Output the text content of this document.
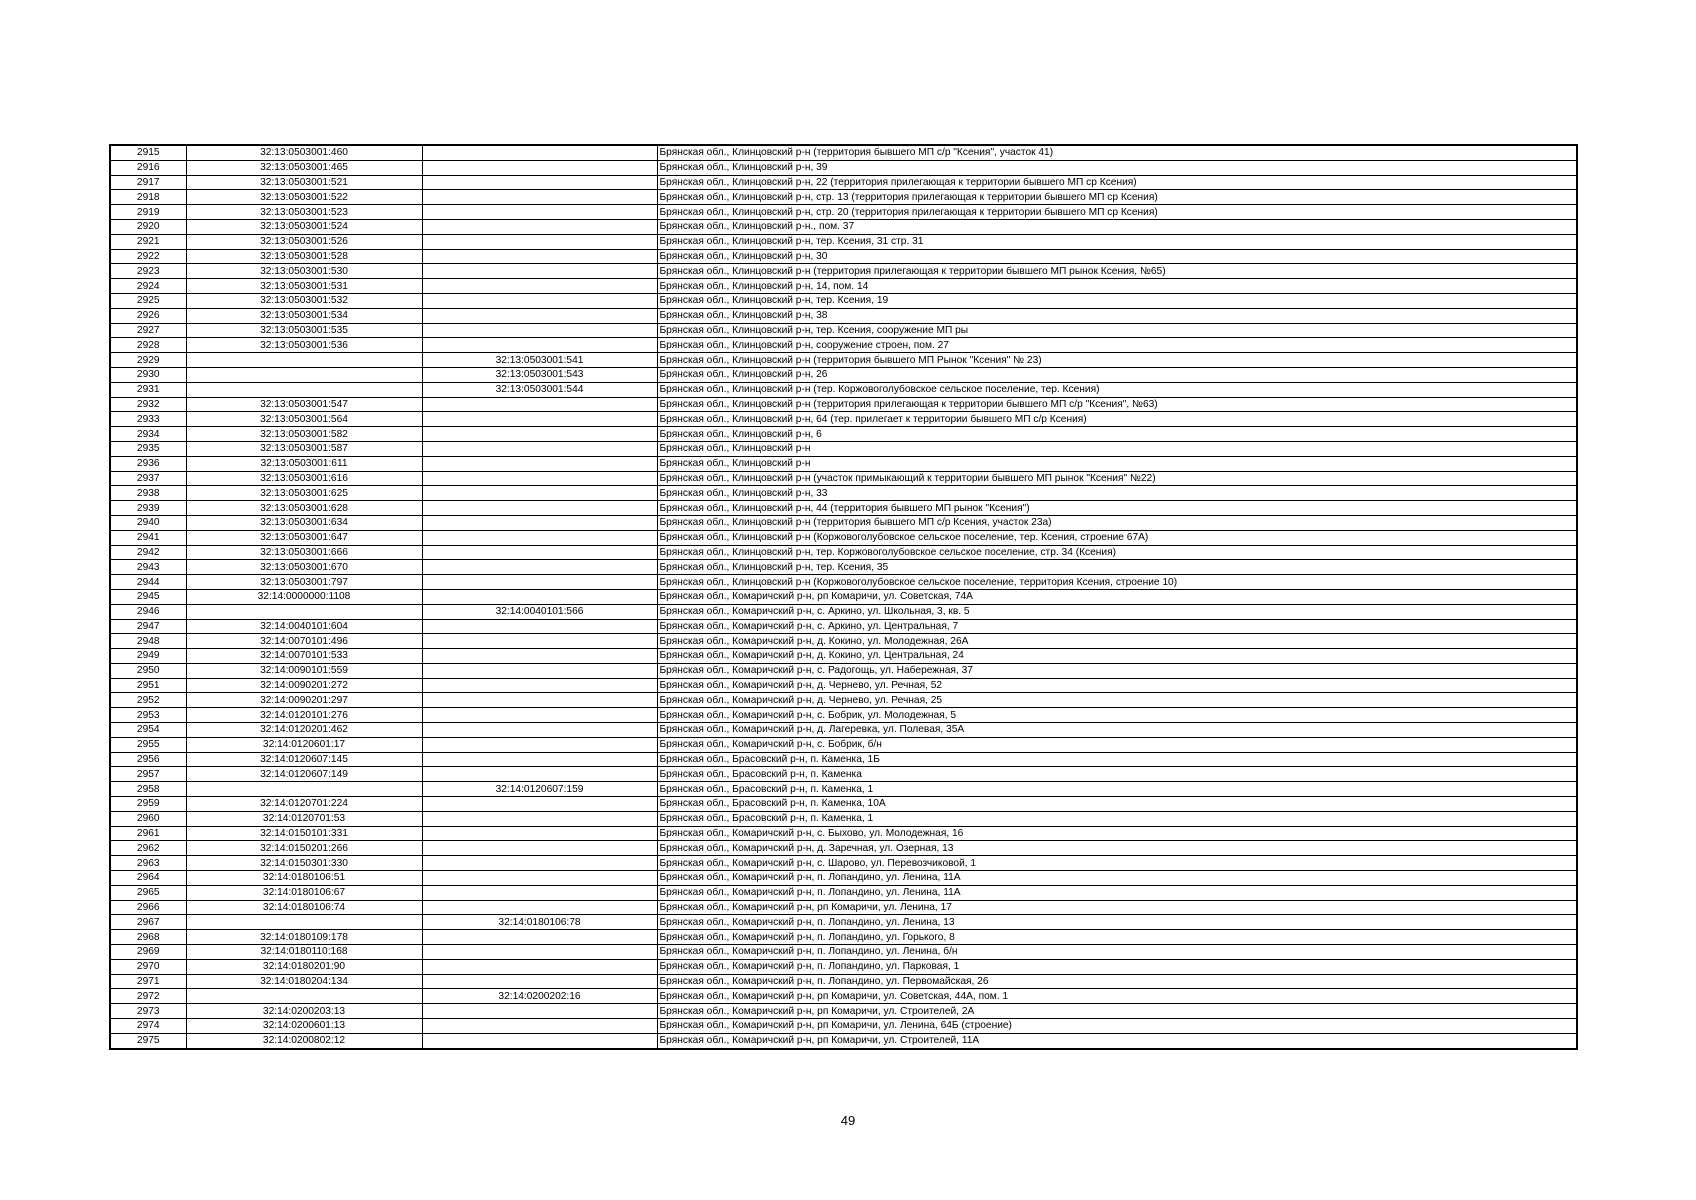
2915	32:13:0503001:460		Брянская обл., Клинцовский р-н (территория бывшего МП с/р "Ксения", участок 41)
2916	32:13:0503001:465		Брянская обл., Клинцовский р-н, 39
2917	32:13:0503001:521		Брянская обл., Клинцовский р-н, 22 (территория прилегающая к территории бывшего МП ср Ксения)
2918	32:13:0503001:522		Брянская обл., Клинцовский р-н, стр. 13 (территория прилегающая к территории бывшего МП ср Ксения)
2919	32:13:0503001:523		Брянская обл., Клинцовский р-н, стр. 20 (территория прилегающая к территории бывшего МП ср Ксения)
2920	32:13:0503001:524		Брянская обл., Клинцовский р-н., пом. 37
2921	32:13:0503001:526		Брянская обл., Клинцовский р-н, тер. Ксения, 31 стр. 31
2922	32:13:0503001:528		Брянская обл., Клинцовский р-н, 30
2923	32:13:0503001:530		Брянская обл., Клинцовский р-н (территория прилегающая к территории бывшего МП рынок Ксения, №65)
2924	32:13:0503001:531		Брянская обл., Клинцовский р-н, 14, пом. 14
2925	32:13:0503001:532		Брянская обл., Клинцовский р-н, тер. Ксения, 19
2926	32:13:0503001:534		Брянская обл., Клинцовский р-н, 38
2927	32:13:0503001:535		Брянская обл., Клинцовский р-н, тер. Ксения, сооружение МП ры
2928	32:13:0503001:536		Брянская обл., Клинцовский р-н, сооружение строен, пом. 27
2929		32:13:0503001:541	Брянская обл., Клинцовский р-н (территория бывшего МП Рынок "Ксения" № 23)
2930		32:13:0503001:543	Брянская обл., Клинцовский р-н, 26
2931		32:13:0503001:544	Брянская обл., Клинцовский р-н (тер. Коржовоголубовское сельское поселение, тер. Ксения)
2932	32:13:0503001:547		Брянская обл., Клинцовский р-н (территория прилегающая к территории бывшего МП с/р "Ксения", №63)
2933	32:13:0503001:564		Брянская обл., Клинцовский р-н, 64 (тер. прилегает к территории бывшего МП с/р Ксения)
2934	32:13:0503001:582		Брянская обл., Клинцовский р-н, 6
2935	32:13:0503001:587		Брянская обл., Клинцовский р-н
2936	32:13:0503001:611		Брянская обл., Клинцовский р-н
2937	32:13:0503001:616		Брянская обл., Клинцовский р-н (участок примыкающий к территории бывшего МП рынок "Ксения" №22)
2938	32:13:0503001:625		Брянская обл., Клинцовский р-н, 33
2939	32:13:0503001:628		Брянская обл., Клинцовский р-н, 44 (территория бывшего МП рынок "Ксения")
2940	32:13:0503001:634		Брянская обл., Клинцовский р-н (территория бывшего МП с/р Ксения, участок 23а)
2941	32:13:0503001:647		Брянская обл., Клинцовский р-н (Коржовоголубовское сельское поселение, тер. Ксения, строение 67А)
2942	32:13:0503001:666		Брянская обл., Клинцовский р-н, тер. Коржовоголубовское сельское поселение, стр. 34 (Ксения)
2943	32:13:0503001:670		Брянская обл., Клинцовский р-н, тер. Ксения, 35
2944	32:13:0503001:797		Брянская обл., Клинцовский р-н (Коржовоголубовское сельское поселение, территория Ксения, строение 10)
2945	32:14:0000000:1108		Брянская обл., Комаричский р-н, рп Комаричи, ул. Советская, 74А
2946		32:14:0040101:566	Брянская обл., Комаричский р-н, с. Аркино, ул. Школьная, 3, кв. 5
2947	32:14:0040101:604		Брянская обл., Комаричский р-н, с. Аркино, ул. Центральная, 7
2948	32:14:0070101:496		Брянская обл., Комаричский р-н, д. Кокино, ул. Молодежная, 26А
2949	32:14:0070101:533		Брянская обл., Комаричский р-н, д. Кокино, ул. Центральная, 24
2950	32:14:0090101:559		Брянская обл., Комаричский р-н, с. Радогощь, ул. Набережная, 37
2951	32:14:0090201:272		Брянская обл., Комаричский р-н, д. Чернево, ул. Речная, 52
2952	32:14:0090201:297		Брянская обл., Комаричский р-н, д. Чернево, ул. Речная, 25
2953	32:14:0120101:276		Брянская обл., Комаричский р-н, с. Бобрик, ул. Молодежная, 5
2954	32:14:0120201:462		Брянская обл., Комаричский р-н, д. Лагеревка, ул. Полевая, 35А
2955	32:14:0120601:17		Брянская обл., Комаричский р-н, с. Бобрик, б/н
2956	32:14:0120607:145		Брянская обл., Брасовский р-н, п. Каменка, 1Б
2957	32:14:0120607:149		Брянская обл., Брасовский р-н, п. Каменка
2958		32:14:0120607:159	Брянская обл., Брасовский р-н, п. Каменка, 1
2959	32:14:0120701:224		Брянская обл., Брасовский р-н, п. Каменка, 10А
2960	32:14:0120701:53		Брянская обл., Брасовский р-н, п. Каменка, 1
2961	32:14:0150101:331		Брянская обл., Комаричский р-н, с. Быхово, ул. Молодежная, 16
2962	32:14:0150201:266		Брянская обл., Комаричский р-н, д. Заречная, ул. Озерная, 13
2963	32:14:0150301:330		Брянская обл., Комаричский р-н, с. Шарово, ул. Перевозчиковой, 1
2964	32:14:0180106:51		Брянская обл., Комаричский р-н, п. Лопандино, ул. Ленина, 11А
2965	32:14:0180106:67		Брянская обл., Комаричский р-н, п. Лопандино, ул. Ленина, 11А
2966	32:14:0180106:74		Брянская обл., Комаричский р-н, рп Комаричи, ул. Ленина, 17
2967		32:14:0180106:78	Брянская обл., Комаричский р-н, п. Лопандино, ул. Ленина, 13
2968	32:14:0180109:178		Брянская обл., Комаричский р-н, п. Лопандино, ул. Горького, 8
2969	32:14:0180110:168		Брянская обл., Комаричский р-н, п. Лопандино, ул. Ленина, б/н
2970	32:14:0180201:90		Брянская обл., Комаричский р-н, п. Лопандино, ул. Парковая, 1
2971	32:14:0180204:134		Брянская обл., Комаричский р-н, п. Лопандино, ул. Первомайская, 26
2972		32:14:0200202:16	Брянская обл., Комаричский р-н, рп Комаричи, ул. Советская, 44А, пом. 1
2973	32:14:0200203:13		Брянская обл., Комаричский р-н, рп Комаричи, ул. Строителей, 2А
2974	32:14:0200601:13		Брянская обл., Комаричский р-н, рп Комаричи, ул. Ленина, 64Б (строение)
2975	32:14:0200802:12		Брянская обл., Комаричский р-н, рп Комаричи, ул. Строителей, 11А
49
